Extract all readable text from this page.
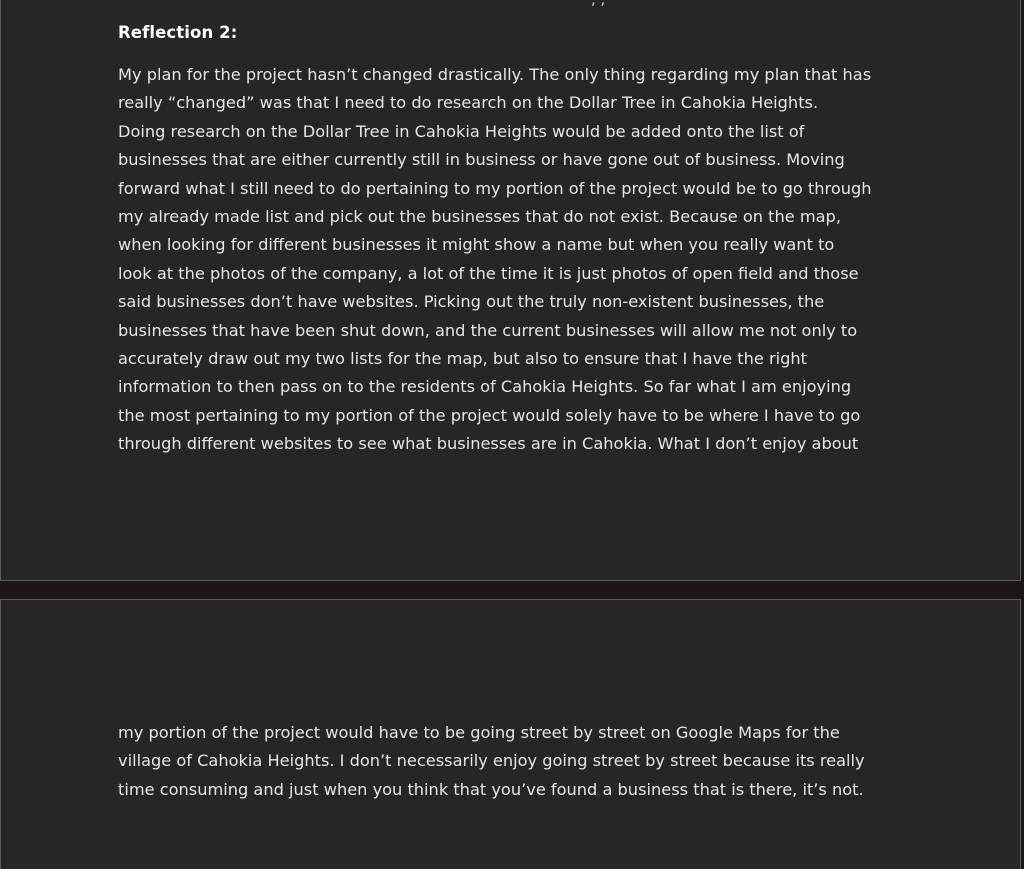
Reflection 2:

My plan for the project hasn’t changed drastically. The only thing regarding my plan that has
really “changed” was that I need to do research on the Dollar Tree in Cahokia Heights.
Doing research on the Dollar Tree in Cahokia Heights would be added onto the list of
businesses that are either currently still in business or have gone out of business. Moving
forward what I still need to do pertaining to my portion of the project would be to go through
my already made list and pick out the businesses that do not exist. Because on the map,
when looking for different businesses it might show a name but when you really want to
look at the photos of the company, a lot of the time it is just photos of open field and those
said businesses don’t have websites. Picking out the truly non-existent businesses, the
businesses that have been shut down, and the current businesses will allow me not only to
accurately draw out my two lists for the map, but also to ensure that I have the right
information to then pass on to the residents of Cahokia Heights. So far what I am enjoying
the most pertaining to my portion of the project would solely have to be where I have to go
through different websites to see what businesses are in Cahokia. What I don’t enjoy about

my portion of the project would have to be going street by street on Google Maps for the
village of Cahokia Heights. I don’t necessarily enjoy going street by street because its really
time consuming and just when you think that you’ve found a business that is there, it’s not.
